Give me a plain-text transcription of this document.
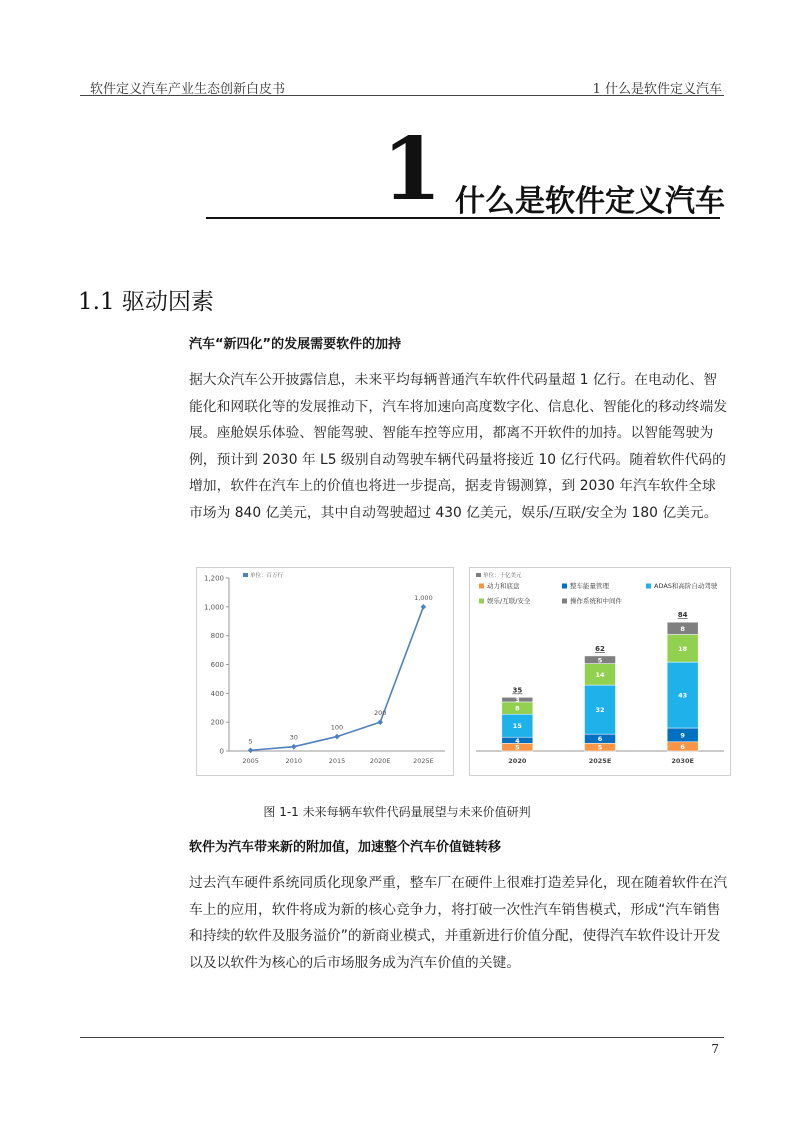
软件定义汽车产业生态创新白皮书	1 什么是软件定义汽车
1 什么是软件定义汽车
1.1 驱动因素
汽车“新四化”的发展需要软件的加持

据大众汽车公开披露信息，未来平均每辆普通汽车软件代码量超 1 亿行。在电动化、智能化和网联化等的发展推动下，汽车将加速向高度数字化、信息化、智能化的移动终端发展。座舱娱乐体验、智能驾驶、智能车控等应用，都离不开软件的加持。以智能驾驶为例，预计到 2030 年 L5 级别自动驾驶车辆代码量将接近 10 亿行代码。随着软件代码的增加，软件在汽车上的价值也将进一步提高，据麦肯锡测算，到 2030 年汽车软件全球市场为 840 亿美元，其中自动驾驶超过 430 亿美元，娱乐/互联/安全为 180 亿美元。

0
200
400
600
800
1,000
1,200
2005	2010	2015	2020E	2025E
单位：百万行
5	30
100
200
1,000
单位：十亿美元
动力和底盘	整车能量管理	ADAS和高阶自动驾驶
娱乐/互联/安全	操作系统和中间件
5
4
15
8
3
35
2020
5
6
32
14
5
62
2025E
6
9
43
18
8
84
2030E
图 1-1 未来每辆车软件代码量展望与未来价值研判
软件为汽车带来新的附加值，加速整个汽车价值链转移

过去汽车硬件系统同质化现象严重，整车厂在硬件上很难打造差异化，现在随着软件在汽车上的应用，软件将成为新的核心竞争力，将打破一次性汽车销售模式，形成“汽车销售和持续的软件及服务溢价”的新商业模式，并重新进行价值分配，使得汽车软件设计开发以及以软件为核心的后市场服务成为汽车价值的关键。

7
